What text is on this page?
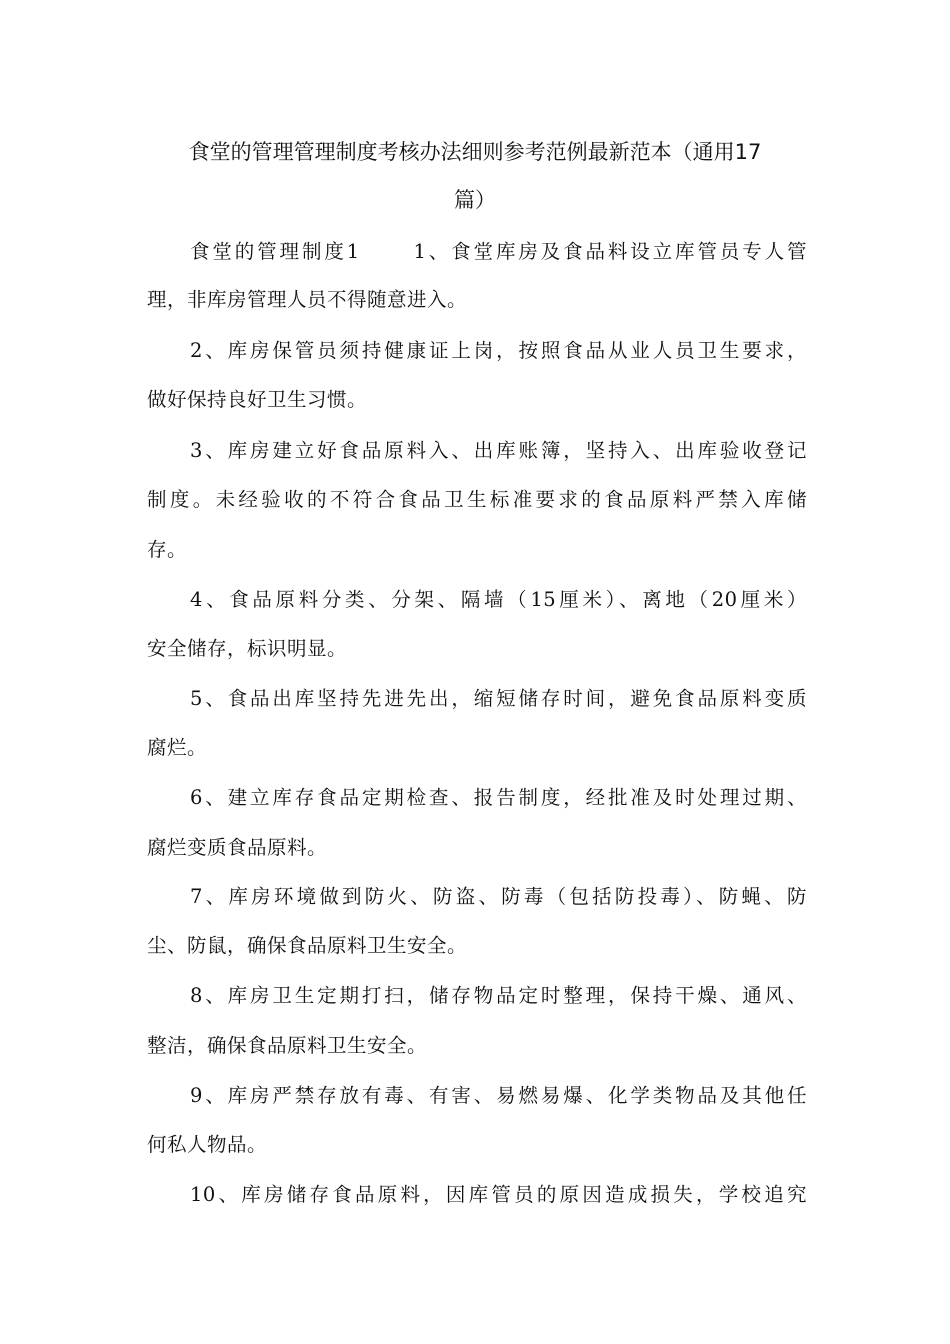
食堂的管理管理制度考核办法细则参考范例最新范本（通用17
篇）
食堂的管理制度1 　　1、食堂库房及食品料设立库管员专人管
理，非库房管理人员不得随意进入。
2、库房保管员须持健康证上岗，按照食品从业人员卫生要求，
做好保持良好卫生习惯。
3、库房建立好食品原料入、出库账簿，坚持入、出库验收登记
制度。未经验收的不符合食品卫生标准要求的食品原料严禁入库储
存。
4、食品原料分类、分架、隔墙（15厘米）、离地（20厘米）
安全储存，标识明显。
5、食品出库坚持先进先出，缩短储存时间，避免食品原料变质
腐烂。
6、建立库存食品定期检查、报告制度，经批准及时处理过期、
腐烂变质食品原料。
7、库房环境做到防火、防盗、防毒（包括防投毒）、防蝇、防
尘、防鼠，确保食品原料卫生安全。
8、库房卫生定期打扫，储存物品定时整理，保持干燥、通风、
整洁，确保食品原料卫生安全。
9、库房严禁存放有毒、有害、易燃易爆、化学类物品及其他任
何私人物品。
10、库房储存食品原料，因库管员的原因造成损失，学校追究
